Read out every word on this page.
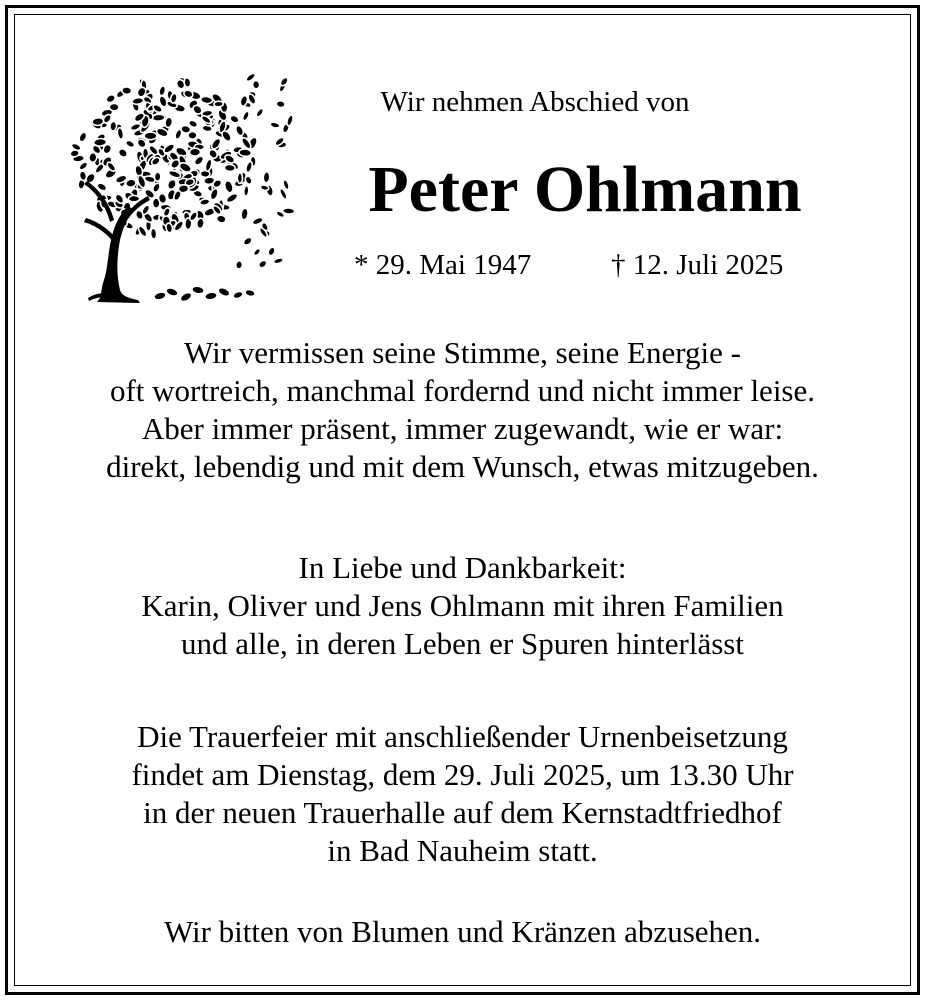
Wir nehmen Abschied von
Peter Ohlmann
* 29. Mai 1947	† 12. Juli 2025
Wir vermissen seine Stimme, seine Energie -
oft wortreich, manchmal fordernd und nicht immer leise.
Aber immer präsent, immer zugewandt, wie er war:
direkt, lebendig und mit dem Wunsch, etwas mitzugeben.
In Liebe und Dankbarkeit:
Karin, Oliver und Jens Ohlmann mit ihren Familien
und alle, in deren Leben er Spuren hinterlässt
Die Trauerfeier mit anschließender Urnenbeisetzung
findet am Dienstag, dem 29. Juli 2025, um 13.30 Uhr
in der neuen Trauerhalle auf dem Kernstadtfriedhof
in Bad Nauheim statt.
Wir bitten von Blumen und Kränzen abzusehen.
